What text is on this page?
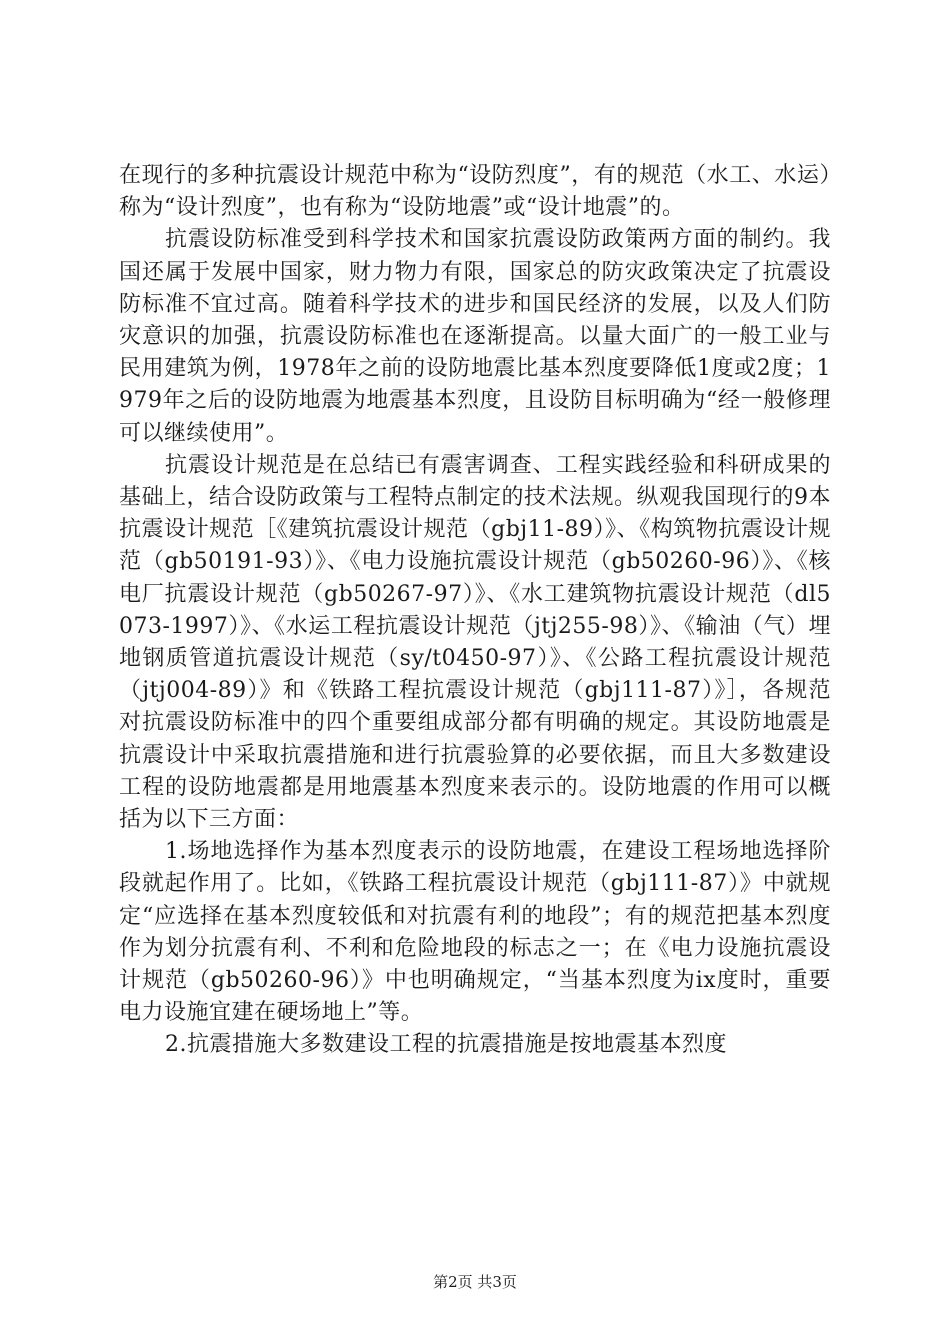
在现行的多种抗震设计规范中称为“设防烈度”，有的规范（水工、水运）称为“设计烈度”，也有称为“设防地震”或“设计地震”的。

抗震设防标准受到科学技术和国家抗震设防政策两方面的制约。我国还属于发展中国家，财力物力有限，国家总的防灾政策决定了抗震设防标准不宜过高。随着科学技术的进步和国民经济的发展，以及人们防灾意识的加强，抗震设防标准也在逐渐提高。以量大面广的一般工业与民用建筑为例，1978年之前的设防地震比基本烈度要降低1度或2度；1979年之后的设防地震为地震基本烈度，且设防目标明确为“经一般修理可以继续使用”。

抗震设计规范是在总结已有震害调查、工程实践经验和科研成果的基础上，结合设防政策与工程特点制定的技术法规。纵观我国现行的9本抗震设计规范［《建筑抗震设计规范（gbj11-89）》、《构筑物抗震设计规范（gb50191-93）》、《电力设施抗震设计规范（gb50260-96）》、《核电厂抗震设计规范（gb50267-97）》、《水工建筑物抗震设计规范（dl5073-1997）》、《水运工程抗震设计规范（jtj255-98）》、《输油（气）埋地钢质管道抗震设计规范（sy/t0450-97）》、《公路工程抗震设计规范（jtj004-89）》和《铁路工程抗震设计规范（gbj111-87）》］，各规范对抗震设防标准中的四个重要组成部分都有明确的规定。其设防地震是抗震设计中采取抗震措施和进行抗震验算的必要依据，而且大多数建设工程的设防地震都是用地震基本烈度来表示的。设防地震的作用可以概括为以下三方面：

1.场地选择作为基本烈度表示的设防地震，在建设工程场地选择阶段就起作用了。比如，《铁路工程抗震设计规范（gbj111-87）》中就规定“应选择在基本烈度较低和对抗震有利的地段”；有的规范把基本烈度作为划分抗震有利、不利和危险地段的标志之一；在《电力设施抗震设计规范（gb50260-96）》中也明确规定，“当基本烈度为ix度时，重要电力设施宜建在硬场地上”等。

2.抗震措施大多数建设工程的抗震措施是按地震基本烈度

第2页 共3页
